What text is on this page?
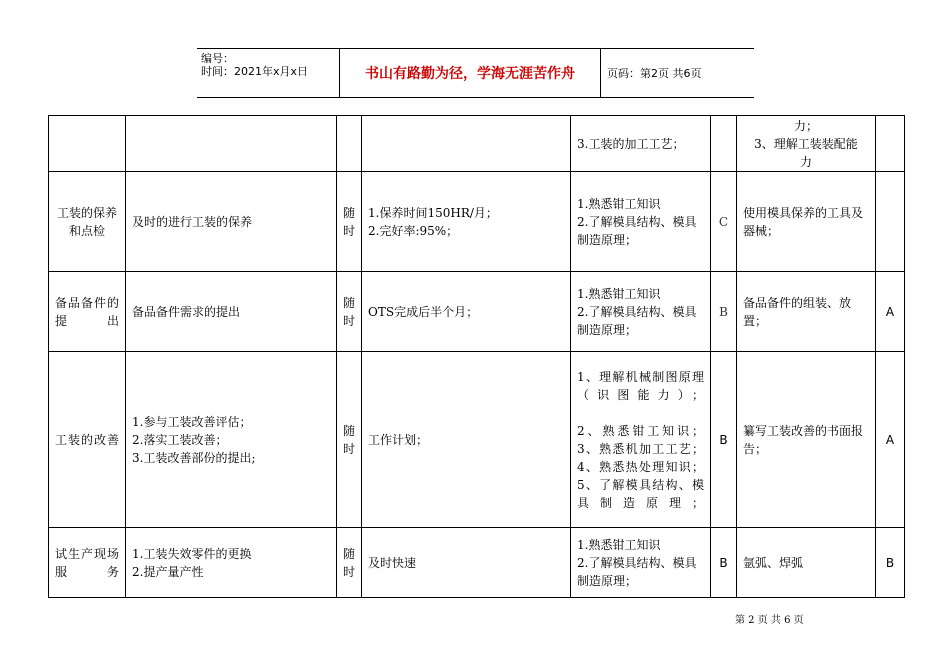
编号：
时间：2021年x月x日	书山有路勤为径，学海无涯苦作舟	页码：第2页 共6页

				3.工装的加工工艺；		力；
3、理解工装装配能
力	

工装的保养和点检	及时的进行工装的保养	随时	1.保养时间150HR/月；
2.完好率:95%；	1.熟悉钳工知识
2.了解模具结构、模具制造原理；	C	使用模具保养的工具及器械；	

备品备件的提出	备品备件需求的提出	随时	OTS完成后半个月；	1.熟悉钳工知识
2.了解模具结构、模具制造原理；	B	备品备件的组装、放置；	A
工装的改善	1.参与工装改善评估；
2.落实工装改善；
3.工装改善部份的提出;	随时	工作计划；	1、理解机械制图原理（识图能力）；
2、熟悉钳工知识；
3、熟悉机加工工艺；
4、熟悉热处理知识；
5、了解模具结构、模具制造原理；	B	纂写工装改善的书面报告；	A
试生产现场服务	1.工装失效零件的更换
2.提产量产性	随时	及时快速	1.熟悉钳工知识
2.了解模具结构、模具制造原理；	B	氩弧、焊弧	B
第 2 页 共 6 页
